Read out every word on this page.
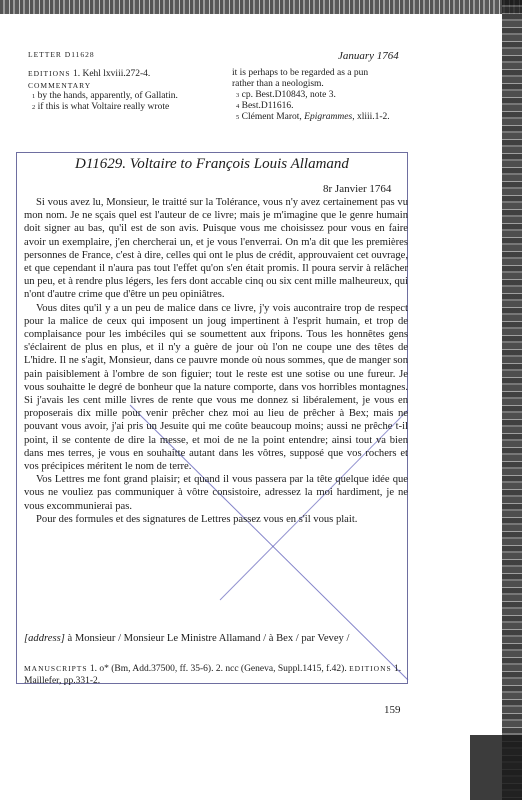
LETTER D11628	January 1764
EDITIONS 1. Kehl lxviii.272-4.
COMMENTARY
$^1$ by the hands, apparently, of Gallatin.
$^2$ if this is what Voltaire really wrote
it is perhaps to be regarded as a pun
rather than a neologism.
$^3$ cp. Best.D10843, note 3.
$^4$ Best.D11616.
$^5$ Clément Marot, Epigrammes, xliii.1-2.
D11629. Voltaire to François Louis Allamand
8r Janvier 1764

Si vous avez lu, Monsieur, le traitté sur la Tolérance, vous n'y avez certainement pas vu mon nom. Je ne sçais quel est l'auteur de ce livre; mais je m'imagine que le genre humain doit signer au bas, qu'il est de son avis. Puisque vous me choisissez pour vous en faire avoir un exemplaire, j'en chercherai un, et je vous l'enverrai. On m'a dit que les premières personnes de France, c'est à dire, celles qui ont le plus de crédit, approuvaient cet ouvrage, et que cependant il n'aura pas tout l'effet qu'on s'en était promis. Il poura servir à relâcher un peu, et à rendre plus légers, les fers dont accable cinq ou six cent mille malheureux, qui n'ont d'autre crime que d'être un peu opiniâtres.

Vous dites qu'il y a un peu de malice dans ce livre, j'y vois aucontraire trop de respect pour la malice de ceux qui imposent un joug impertinent à l'esprit humain, et trop de complaisance pour les imbéciles qui se soumettent aux fripons. Tous les honnêtes gens s'éclairent de plus en plus, et il n'y a guère de jour où l'on ne coupe une des têtes de L'hidre. Il ne s'agit, Monsieur, dans ce pauvre monde où nous sommes, que de manger son pain paisiblement à l'ombre de son figuier; tout le reste est une sotise ou une fureur. Je vous souhaitte le degré de bonheur que la nature comporte, dans vos horribles montagnes. Si j'avais les cent mille livres de rente que vous me donnez si libéralement, je vous en proposerais dix mille pour venir prêcher chez moi au lieu de prêcher à Bex; mais ne pouvant vous avoir, j'ai pris un Jesuite qui me coûte beaucoup moins; aussi ne prêche t-il point, il se contente de dire la messe, et moi de ne la point entendre; ainsi tout va bien dans mes terres, je vous en souhaitte autant dans les vôtres, supposé que vos rochers et vos précipices méritent le nom de terre.

Vos Lettres me font grand plaisir; et quand il vous passera par la tête quelque idée que vous ne vouliez pas communiquer à vôtre consistoire, adressez la moi hardiment, je ne vous excommunierai pas.

Pour des formules et des signatures de Lettres passez vous en s'il vous plait.

[address] à Monsieur / Monsieur Le Ministre Allamand / à Bex / par Vevey /
MANUSCRIPTS 1. o* (Bm, Add.37500, ff. 35-6). 2. ncc (Geneva, Suppl.1415, f.42). EDITIONS 1. Maillefer, pp.331-2.
159
